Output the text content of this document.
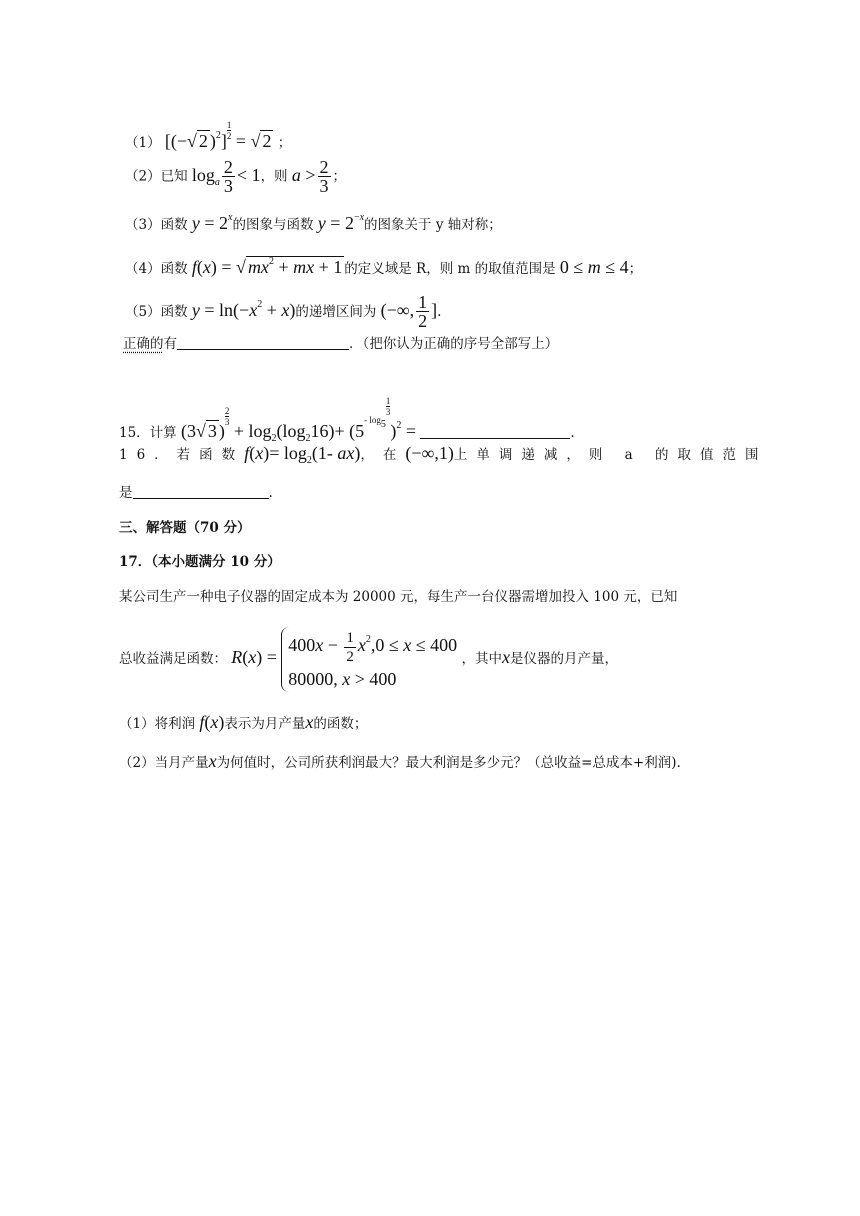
（1） [(−√ 2 )$^2] \frac{1}{2}$ = √ 2 ；
（2）已知 $\log_a \frac{2}{3} < 1$，则 $a > \frac{2}{3}$ ；
（3）函数 $y = 2^x$的图象与函数 $y = 2^{-x}$的图象关于 y 轴对称；
（4）函数 f(x) = √ $mx^2$ + mx + 1 的定义域是 R，则 m 的取值范围是 0 ≤ m ≤ 4；
（5）函数 $y = \ln(-x^2 + x)$的递增区间为 (−∞, $\frac{1}{2}$ ].
正确的有	．（把你认为正确的序号全部写上）
15．计算 (3√ 3 )
$\frac{2}{3} + \log_2(\log_216)+ (5^{- log5 \frac{1}{3}})^2$ =	.
16．若函数$f(x)= \log_2(1-$ ax)，在(−∞,1)上单调递减，则 a 的取值范围
是	.
三、解答题（70 分）
17．（本小题满分 10 分）
某公司生产一种电子仪器的固定成本为 20000 元，每生产一台仪器需增加投入 100 元，已知
总收益满足函数： R(x) =
$400x - \frac{1}{2} x^2,0 \le x \le 400$
80000, x > 400
，其中x是仪器的月产量，
（1）将利润 f(x)表示为月产量x的函数；
（2）当月产量x为何值时，公司所获利润最大？最大利润是多少元？（总收益=总成本+利润).
